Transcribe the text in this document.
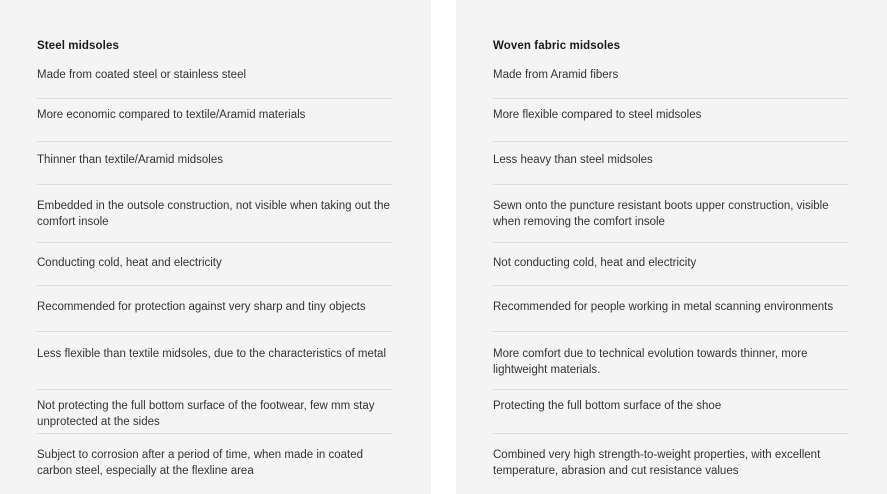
Steel midsoles
Made from coated steel or stainless steel
More economic compared to textile/Aramid materials
Thinner than textile/Aramid midsoles
Embedded in the outsole construction, not visible when taking out the comfort insole
Conducting cold, heat and electricity
Recommended for protection against very sharp and tiny objects
Less flexible than textile midsoles, due to the characteristics of metal
Not protecting the full bottom surface of the footwear, few mm stay unprotected at the sides
Subject to corrosion after a period of time, when made in coated carbon steel, especially at the flexline area
Woven fabric midsoles
Made from Aramid fibers
More flexible compared to steel midsoles
Less heavy than steel midsoles
Sewn onto the puncture resistant boots upper construction, visible when removing the comfort insole
Not conducting cold, heat and electricity
Recommended for people working in metal scanning environments
More comfort due to technical evolution towards thinner, more lightweight materials.
Protecting the full bottom surface of the shoe
Combined very high strength-to-weight properties, with excellent temperature, abrasion and cut resistance values
